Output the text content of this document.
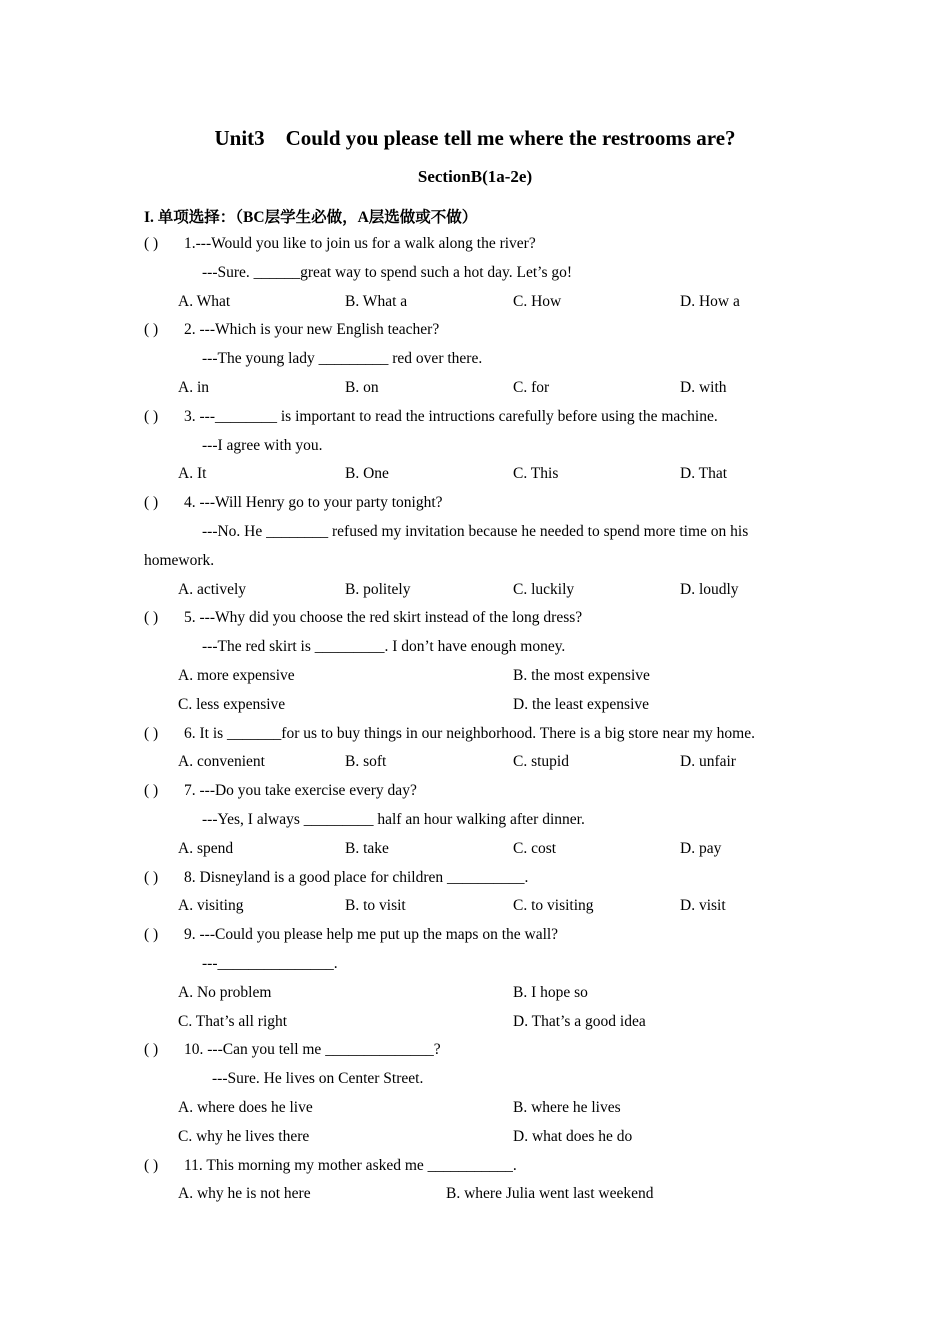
Unit3    Could you please tell me where the restrooms are?
SectionB(1a-2e)
I. 单项选择：（BC层学生必做，A层选做或不做）
( ) 1.---Would you like to join us for a walk along the river?
---Sure. ______great way to spend such a hot day. Let’s go!
A. What	B. What a	C. How	D. How a
( ) 2. ---Which is your new English teacher?
---The young lady _________ red over there.
A. in	B. on	C. for	D. with
( ) 3. ---________ is important to read the intructions carefully before using the machine.
---I agree with you.
A. It	B. One	C. This	D. That
( ) 4. ---Will Henry go to your party tonight?
---No. He ________ refused my invitation because he needed to spend more time on his
homework.
A. actively	B. politely	C. luckily	D. loudly
( ) 5. ---Why did you choose the red skirt instead of the long dress?
---The red skirt is _________. I don’t have enough money.
A. more expensive	B. the most expensive
C. less expensive	D. the least expensive
( ) 6. It is _______for us to buy things in our neighborhood. There is a big store near my home.
A. convenient	B. soft	C. stupid	D. unfair
( ) 7. ---Do you take exercise every day?
---Yes, I always _________ half an hour walking after dinner.
A. spend	B. take	C. cost	D. pay
( ) 8. Disneyland is a good place for children __________.
A. visiting	B. to visit	C. to visiting	D. visit
( ) 9. ---Could you please help me put up the maps on the wall?
---_______________.
A. No problem	B. I hope so
C. That’s all right	D. That’s a good idea
( ) 10. ---Can you tell me ______________?
---Sure. He lives on Center Street.
A. where does he live	B. where he lives
C. why he lives there	D. what does he do
( ) 11. This morning my mother asked me ___________.
A. why he is not here	B. where Julia went last weekend
